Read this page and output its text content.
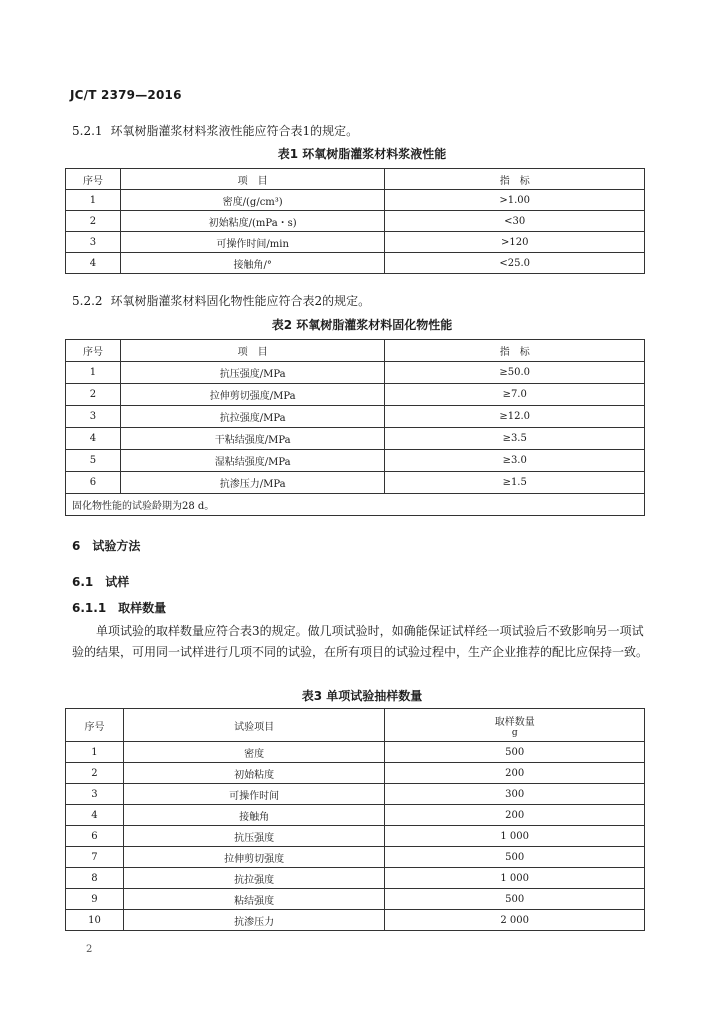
JC/T 2379—2016
5.2.1 环氧树脂灌浆材料浆液性能应符合表1的规定。
表1 环氧树脂灌浆材料浆液性能
序号	项　目	指　标
1	密度/(g/cm³)	>1.00
2	初始粘度/(mPa・s)	<30
3	可操作时间/min	>120
4	接触角/°	<25.0
5.2.2 环氧树脂灌浆材料固化物性能应符合表2的规定。
表2 环氧树脂灌浆材料固化物性能
序号	项　目	指　标
1	抗压强度/MPa	≥50.0
2	拉伸剪切强度/MPa	≥7.0
3	抗拉强度/MPa	≥12.0
4	干粘结强度/MPa	≥3.5
5	湿粘结强度/MPa	≥3.0
6	抗渗压力/MPa	≥1.5
固化物性能的试验龄期为28 d。		
6 试验方法
6.1 试样
6.1.1 取样数量
单项试验的取样数量应符合表3的规定。做几项试验时，如确能保证试样经一项试验后不致影响另一项试验的结果，可用同一试样进行几项不同的试验，在所有项目的试验过程中，生产企业推荐的配比应保持一致。
表3 单项试验抽样数量
序号	试验项目	取样数量
g

1	密度	500
2	初始粘度	200
3	可操作时间	300
4	接触角	200
6	抗压强度	1 000
7	拉伸剪切强度	500
8	抗拉强度	1 000
9	粘结强度	500
10	抗渗压力	2 000
2
